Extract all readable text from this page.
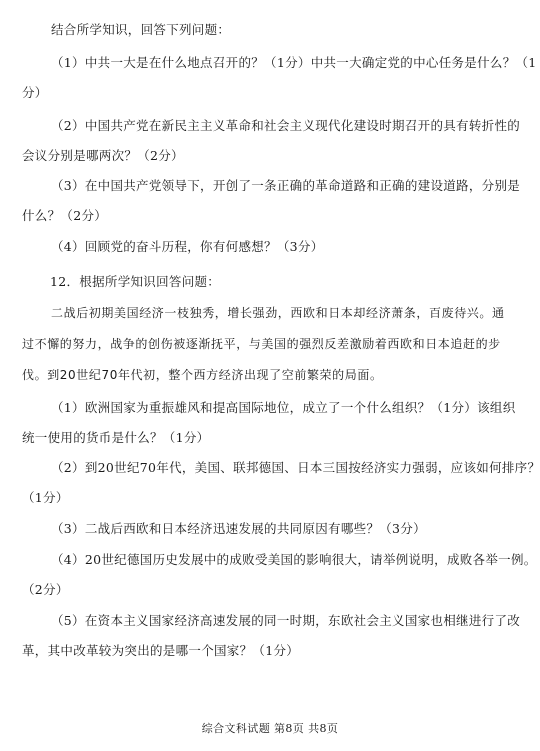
结合所学知识，回答下列问题：
（1）中共一大是在什么地点召开的？（1分）中共一大确定党的中心任务是什么？（1
分）
（2）中国共产党在新民主主义革命和社会主义现代化建设时期召开的具有转折性的
会议分别是哪两次？（2分）
（3）在中国共产党领导下，开创了一条正确的革命道路和正确的建设道路，分别是
什么？（2分）
（4）回顾党的奋斗历程，你有何感想？（3分）
12．根据所学知识回答问题：
二战后初期美国经济一枝独秀，增长强劲，西欧和日本却经济萧条，百废待兴。通
过不懈的努力，战争的创伤被逐渐抚平，与美国的强烈反差激励着西欧和日本追赶的步
伐。到20世纪70年代初，整个西方经济出现了空前繁荣的局面。
（1）欧洲国家为重振雄风和提高国际地位，成立了一个什么组织？（1分）该组织
统一使用的货币是什么？（1分）
（2）到20世纪70年代，美国、联邦德国、日本三国按经济实力强弱，应该如何排序？
（1分）
（3）二战后西欧和日本经济迅速发展的共同原因有哪些？（3分）
（4）20世纪德国历史发展中的成败受美国的影响很大，请举例说明，成败各举一例。
（2分）
（5）在资本主义国家经济高速发展的同一时期，东欧社会主义国家也相继进行了改
革，其中改革较为突出的是哪一个国家？（1分）
综合文科试题 第8页 共8页
